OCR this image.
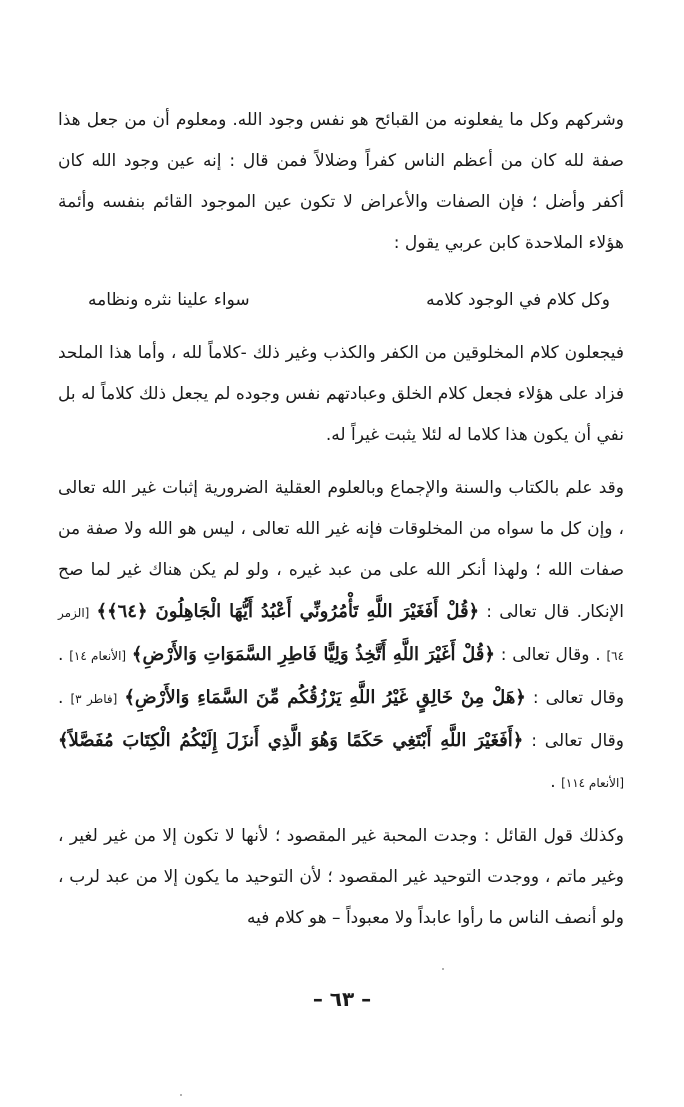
وشركهم وكل ما يفعلونه من القبائح هو نفس وجود الله. ومعلوم أن من جعل هذا صفة لله كان من أعظم الناس كفراً وضلالاً فمن قال : إنه عين وجود الله كان أكفر وأضل ؛ فإن الصفات والأعراض لا تكون عين الموجود القائم بنفسه وأئمة هؤلاء الملاحدة كابن عربي يقول :

وكل كلام في الوجود كلامه
سواء علينا نثره ونظامه

فيجعلون كلام المخلوقين من الكفر والكذب وغير ذلك -كلاماً لله ، وأما هذا الملحد فزاد على هؤلاء فجعل كلام الخلق وعبادتهم نفس وجوده لم يجعل ذلك كلاماً له بل نفي أن يكون هذا كلاما له لئلا يثبت غيراً له.

وقد علم بالكتاب والسنة والإجماع وبالعلوم العقلية الضرورية إثبات غير الله تعالى ، وإن كل ما سواه من المخلوقات فإنه غير الله تعالى ، ليس هو الله ولا صفة من صفات الله ؛ ولهذا أنكر الله على من عبد غيره ، ولو لم يكن هناك غير لما صح الإنكار. قال تعالى : ﴿قُلْ أَفَغَيْرَ اللَّهِ تَأْمُرُونِّي أَعْبُدُ أَيُّهَا الْجَاهِلُونَ ﴿٦٤﴾﴾ [الزمر ٦٤] . وقال تعالى : ﴿قُلْ أَغَيْرَ اللَّهِ أَتَّخِذُ وَلِيًّا فَاطِرِ السَّمَوَاتِ وَالأَرْضِ﴾ [الأنعام ١٤] . وقال تعالى : ﴿هَلْ مِنْ خَالِقٍ غَيْرُ اللَّهِ يَرْزُقُكُم مِّنَ السَّمَاءِ وَالأَرْضِ﴾ [فاطر ٣] . وقال تعالى : ﴿أَفَغَيْرَ اللَّهِ أَبْتَغِي حَكَمًا وَهُوَ الَّذِي أَنزَلَ إِلَيْكُمُ الْكِتَابَ مُفَصَّلاً﴾ [الأنعام ١١٤] .

وكذلك قول القائل : وجدت المحبة غير المقصود ؛ لأنها لا تكون إلا من غير لغير ، وغير ماتم ، ووجدت التوحيد غير المقصود ؛ لأن التوحيد ما يكون إلا من عبد لرب ، ولو أنصف الناس ما رأوا عابداً ولا معبوداً – هو كلام فيه

– ٦٣ –
